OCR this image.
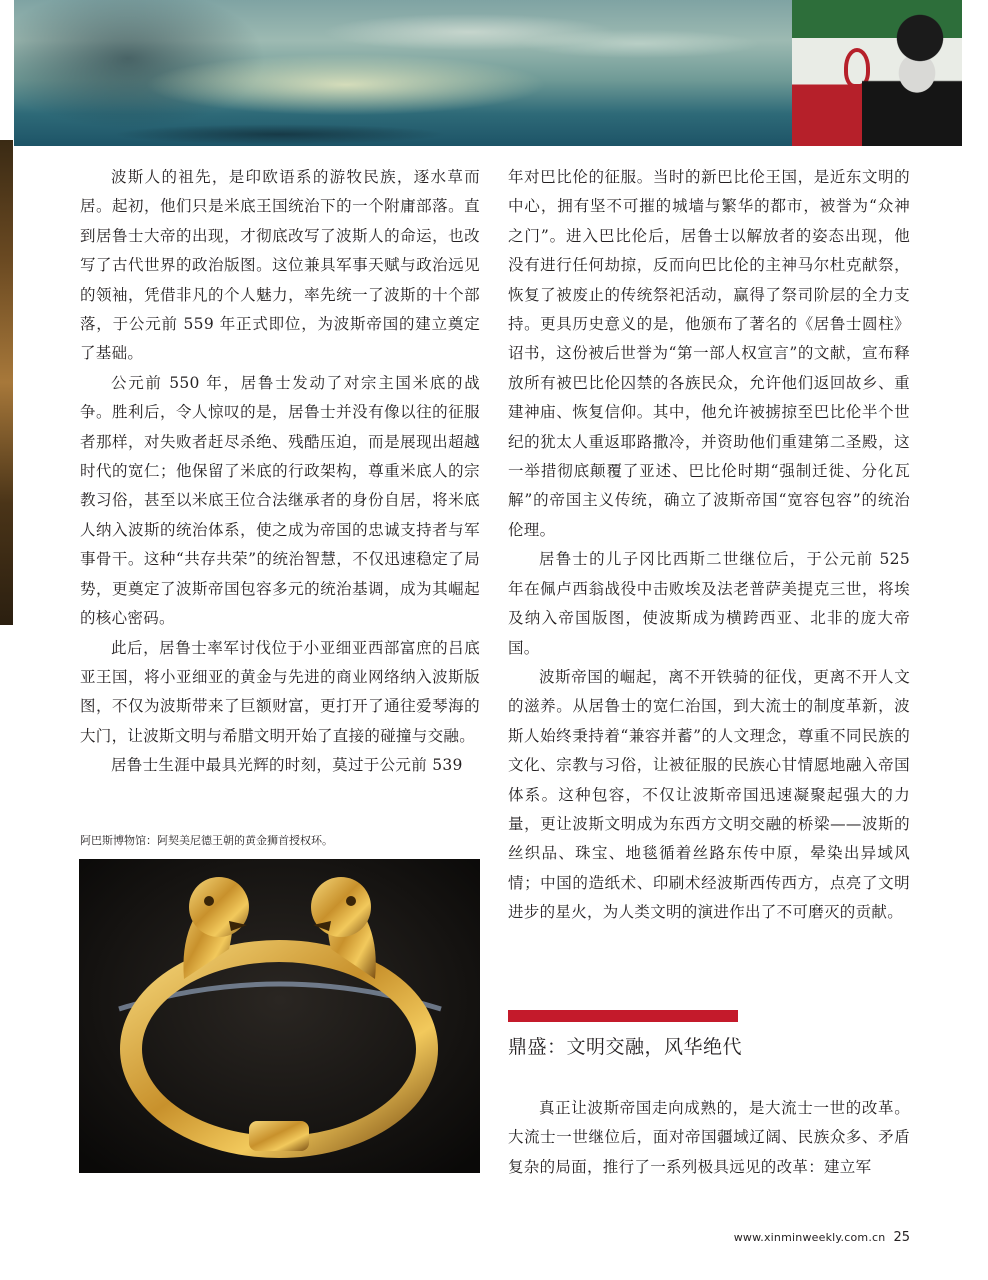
波斯人的祖先，是印欧语系的游牧民族，逐水草而居。起初，他们只是米底王国统治下的一个附庸部落。直到居鲁士大帝的出现，才彻底改写了波斯人的命运，也改写了古代世界的政治版图。这位兼具军事天赋与政治远见的领袖，凭借非凡的个人魅力，率先统一了波斯的十个部落，于公元前 559 年正式即位，为波斯帝国的建立奠定了基础。

公元前 550 年，居鲁士发动了对宗主国米底的战争。胜利后，令人惊叹的是，居鲁士并没有像以往的征服者那样，对失败者赶尽杀绝、残酷压迫，而是展现出超越时代的宽仁；他保留了米底的行政架构，尊重米底人的宗教习俗，甚至以米底王位合法继承者的身份自居，将米底人纳入波斯的统治体系，使之成为帝国的忠诚支持者与军事骨干。这种“共存共荣”的统治智慧，不仅迅速稳定了局势，更奠定了波斯帝国包容多元的统治基调，成为其崛起的核心密码。

此后，居鲁士率军讨伐位于小亚细亚西部富庶的吕底亚王国，将小亚细亚的黄金与先进的商业网络纳入波斯版图，不仅为波斯带来了巨额财富，更打开了通往爱琴海的大门，让波斯文明与希腊文明开始了直接的碰撞与交融。

居鲁士生涯中最具光辉的时刻，莫过于公元前 539

阿巴斯博物馆：阿契美尼德王朝的黄金狮首授权环。

年对巴比伦的征服。当时的新巴比伦王国，是近东文明的中心，拥有坚不可摧的城墙与繁华的都市，被誉为“众神之门”。进入巴比伦后，居鲁士以解放者的姿态出现，他没有进行任何劫掠，反而向巴比伦的主神马尔杜克献祭，恢复了被废止的传统祭祀活动，赢得了祭司阶层的全力支持。更具历史意义的是，他颁布了著名的《居鲁士圆柱》诏书，这份被后世誉为“第一部人权宣言”的文献，宣布释放所有被巴比伦囚禁的各族民众，允许他们返回故乡、重建神庙、恢复信仰。其中，他允许被掳掠至巴比伦半个世纪的犹太人重返耶路撒冷，并资助他们重建第二圣殿，这一举措彻底颠覆了亚述、巴比伦时期“强制迁徙、分化瓦解”的帝国主义传统，确立了波斯帝国“宽容包容”的统治伦理。

居鲁士的儿子冈比西斯二世继位后，于公元前 525 年在佩卢西翁战役中击败埃及法老普萨美提克三世，将埃及纳入帝国版图，使波斯成为横跨西亚、北非的庞大帝国。

波斯帝国的崛起，离不开铁骑的征伐，更离不开人文的滋养。从居鲁士的宽仁治国，到大流士的制度革新，波斯人始终秉持着“兼容并蓄”的人文理念，尊重不同民族的文化、宗教与习俗，让被征服的民族心甘情愿地融入帝国体系。这种包容，不仅让波斯帝国迅速凝聚起强大的力量，更让波斯文明成为东西方文明交融的桥梁——波斯的丝织品、珠宝、地毯循着丝路东传中原，晕染出异域风情；中国的造纸术、印刷术经波斯西传西方，点亮了文明进步的星火，为人类文明的演进作出了不可磨灭的贡献。

鼎盛：文明交融，风华绝代

真正让波斯帝国走向成熟的，是大流士一世的改革。大流士一世继位后，面对帝国疆域辽阔、民族众多、矛盾复杂的局面，推行了一系列极具远见的改革：建立军

www.xinminweekly.com.cn 25
